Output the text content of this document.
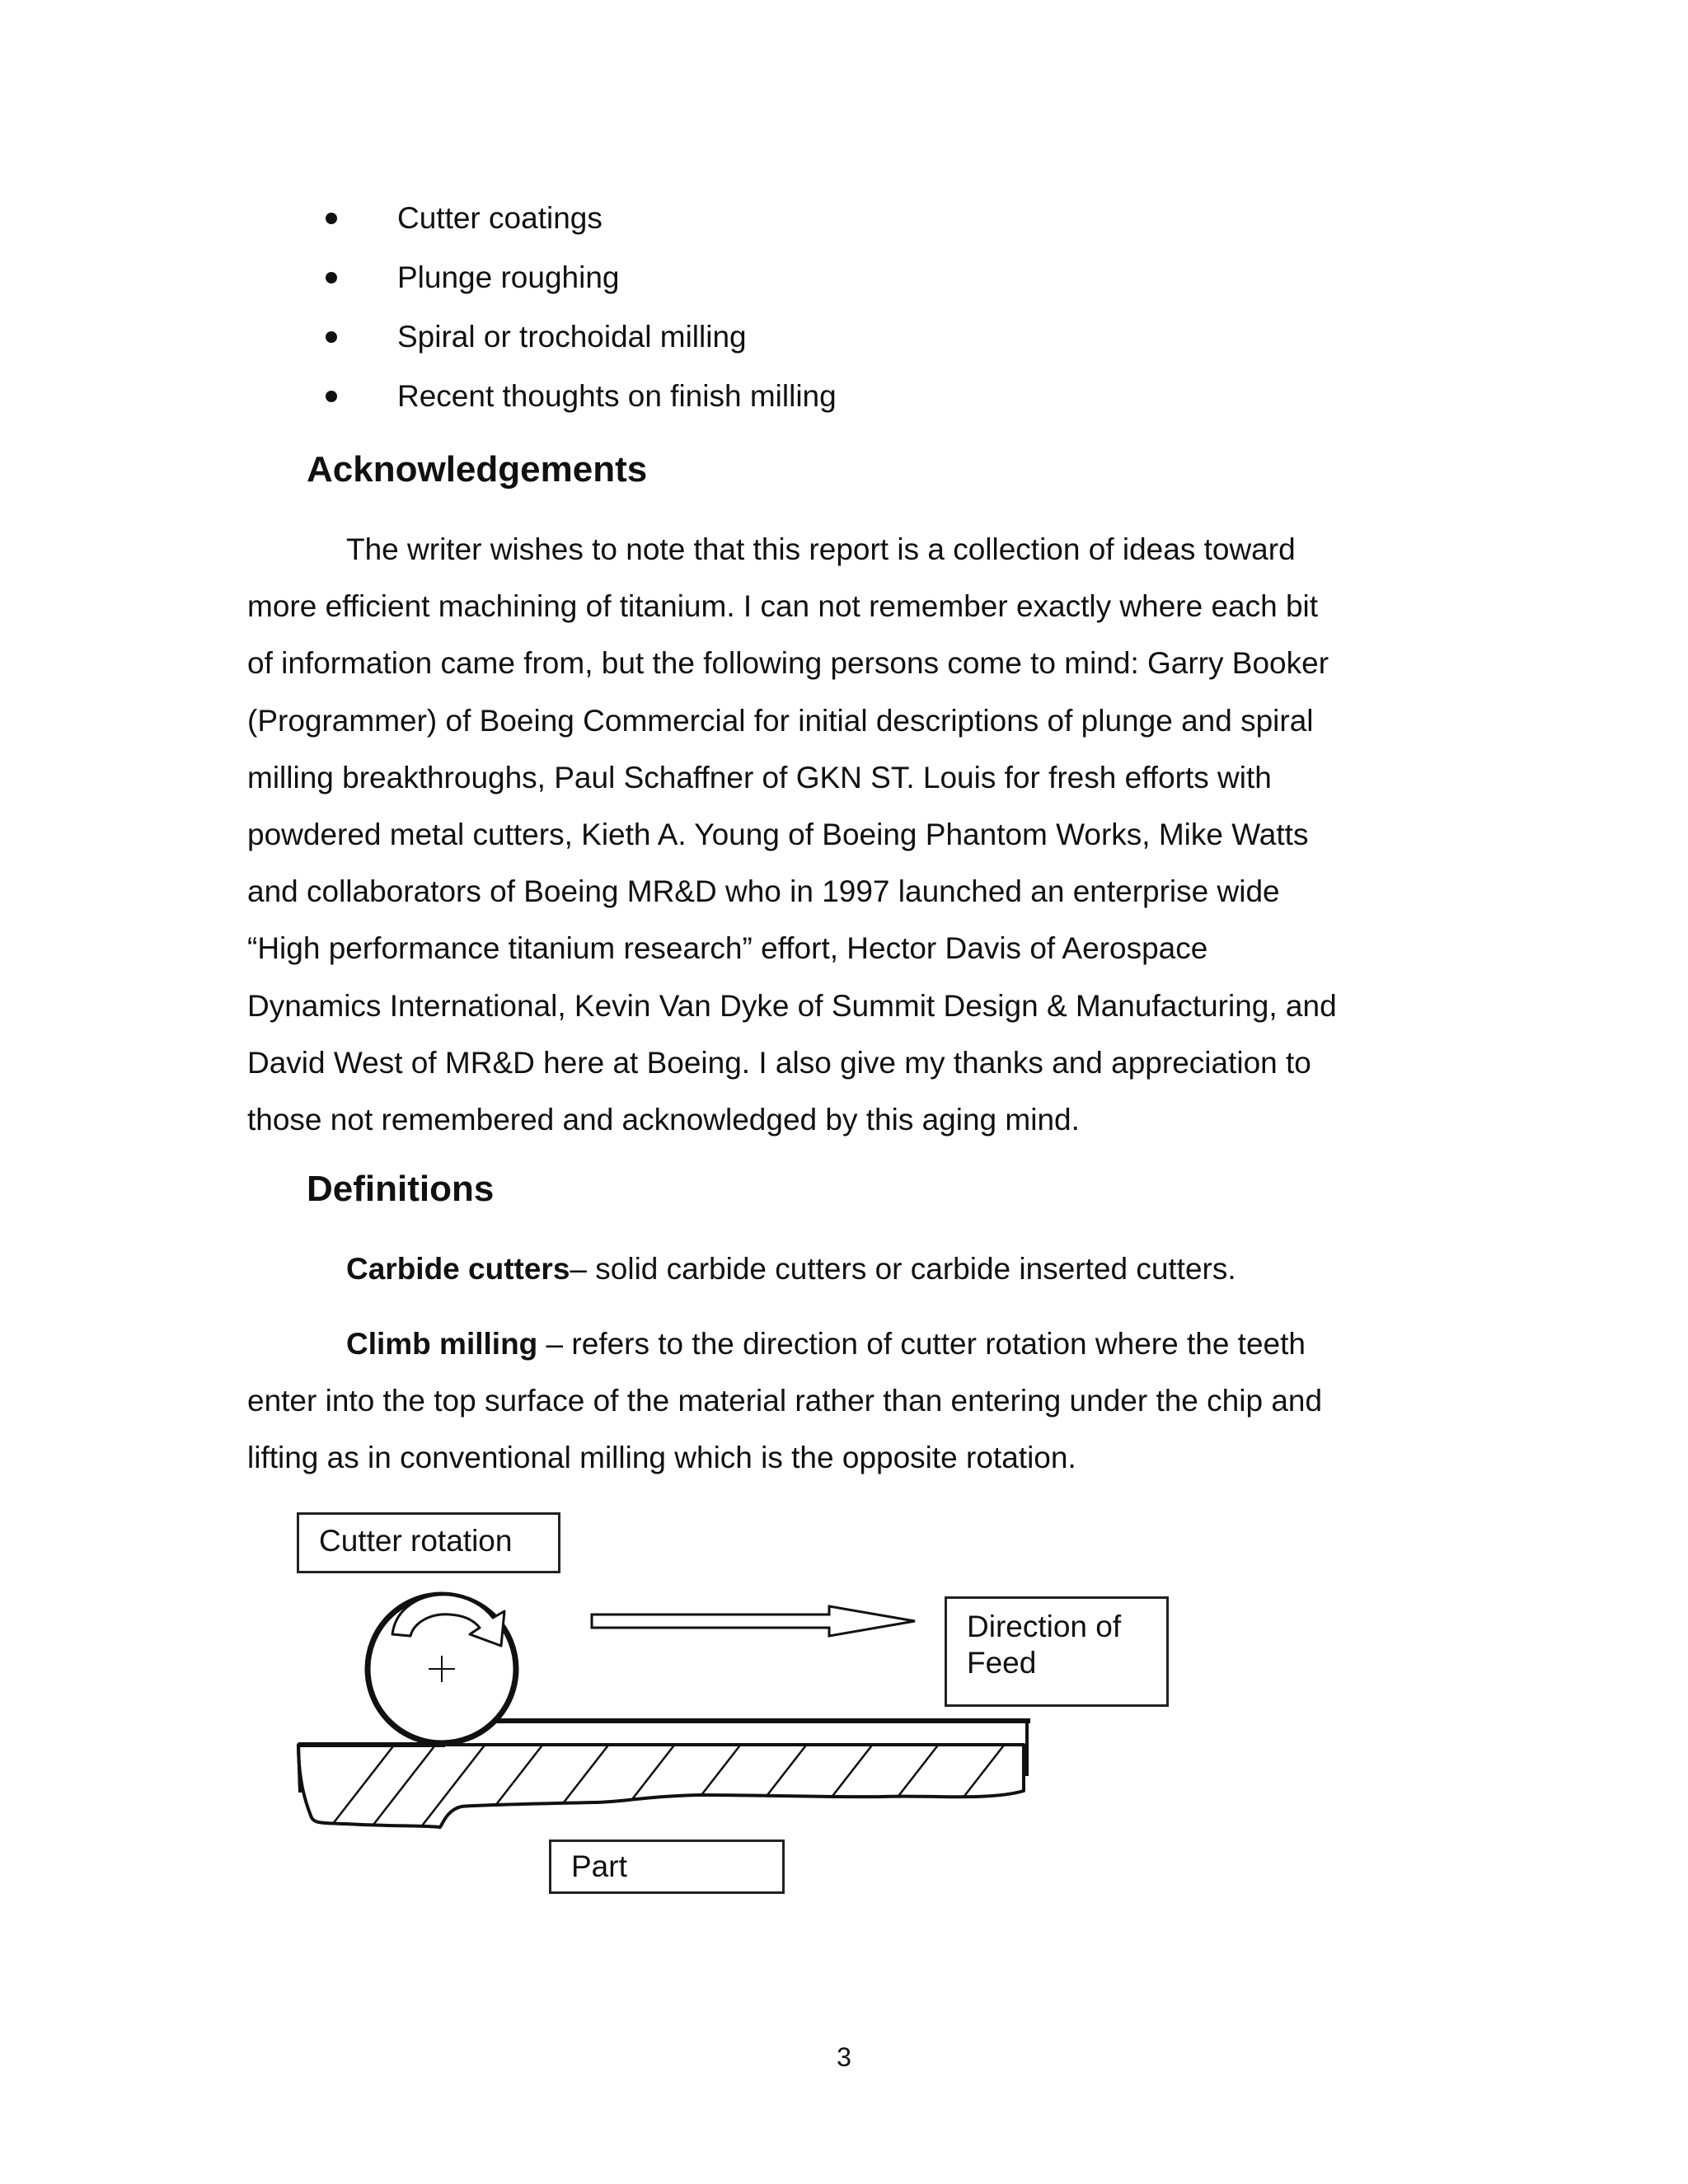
Cutter coatings
Plunge roughing
Spiral or trochoidal milling
Recent thoughts on finish milling
Acknowledgements
The writer wishes to note that this report is a collection of ideas toward
more efficient machining of titanium. I can not remember exactly where each bit
of information came from, but the following persons come to mind: Garry Booker
(Programmer) of Boeing Commercial for initial descriptions of plunge and spiral
milling breakthroughs, Paul Schaffner of GKN ST. Louis for fresh efforts with
powdered metal cutters, Kieth A. Young of Boeing Phantom Works, Mike Watts
and collaborators of Boeing MR&D who in 1997 launched an enterprise wide
“High performance titanium research” effort, Hector Davis of Aerospace
Dynamics International, Kevin Van Dyke of Summit Design & Manufacturing, and
David West of MR&D here at Boeing. I also give my thanks and appreciation to
those not remembered and acknowledged by this aging mind.
Definitions
Carbide cutters– solid carbide cutters or carbide inserted cutters.
Climb milling – refers to the direction of cutter rotation where the teeth
enter into the top surface of the material rather than entering under the chip and
lifting as in conventional milling which is the opposite rotation.
Cutter rotation
Direction of
Feed
Part
3
